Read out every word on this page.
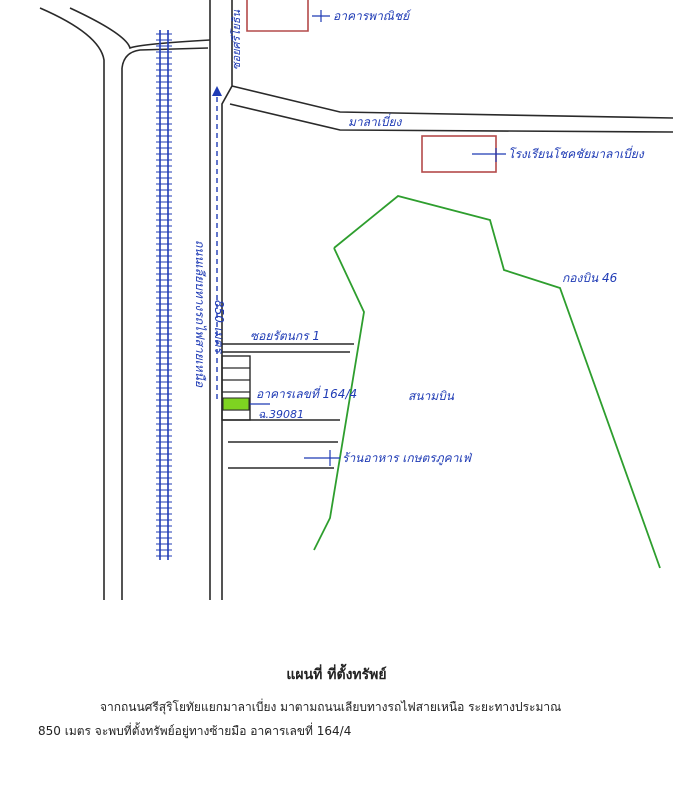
อาคารพาณิชย์
ซอยศรีโยธิน
850 เมตร
ถนนเลียบทางรถไฟสายเหนือ
มาลาเบี่ยง
โรงเรียนโชคชัยมาลาเบี่ยง
กองบิน 46
สนามบิน
ซอยรัตนกร 1
อาคารเลขที่ 164/4
ฉ.39081
ร้านอาหาร เกษตรภูคาเฟ่
แผนที่ ที่ตั้งทรัพย์
จากถนนศรีสุริโยทัยแยกมาลาเบี่ยง มาตามถนนเลียบทางรถไฟสายเหนือ ระยะทางประมาณ
850 เมตร จะพบที่ตั้งทรัพย์อยู่ทางซ้ายมือ อาคารเลขที่ 164/4
